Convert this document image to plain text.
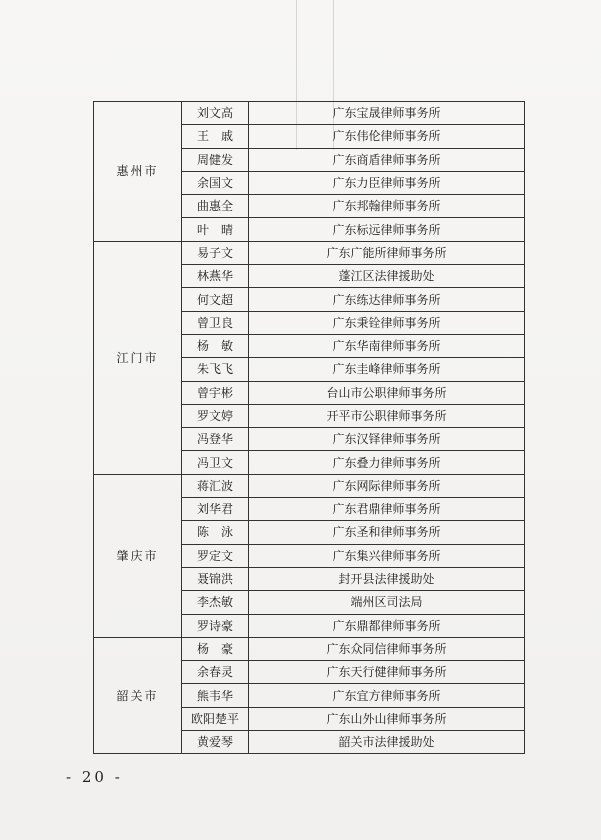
惠州市	刘文高	广东宝晟律师事务所
	王　戚	广东伟伦律师事务所
	周健发	广东商盾律师事务所
	余国文	广东力臣律师事务所
	曲惠全	广东邦翰律师事务所
	叶　晴	广东标远律师事务所
江门市	易子文	广东广能所律师事务所
	林燕华	蓬江区法律援助处
	何文超	广东练达律师事务所
	曾卫良	广东秉铨律师事务所
	杨　敏	广东华南律师事务所
	朱飞飞	广东圭峰律师事务所
	曾宇彬	台山市公职律师事务所
	罗文婷	开平市公职律师事务所
	冯登华	广东汉铎律师事务所
	冯卫文	广东叠力律师事务所
肇庆市	蒋汇波	广东网际律师事务所
	刘华君	广东君鼎律师事务所
	陈　泳	广东圣和律师事务所
	罗定文	广东集兴律师事务所
	聂锦洪	封开县法律援助处
	李杰敏	端州区司法局
	罗诗豪	广东鼎都律师事务所
韶关市	杨　豪	广东众同信律师事务所
	余春灵	广东天行健律师事务所
	熊韦华	广东宜方律师事务所
	欧阳楚平	广东山外山律师事务所
	黄爱琴	韶关市法律援助处
- 20 -
